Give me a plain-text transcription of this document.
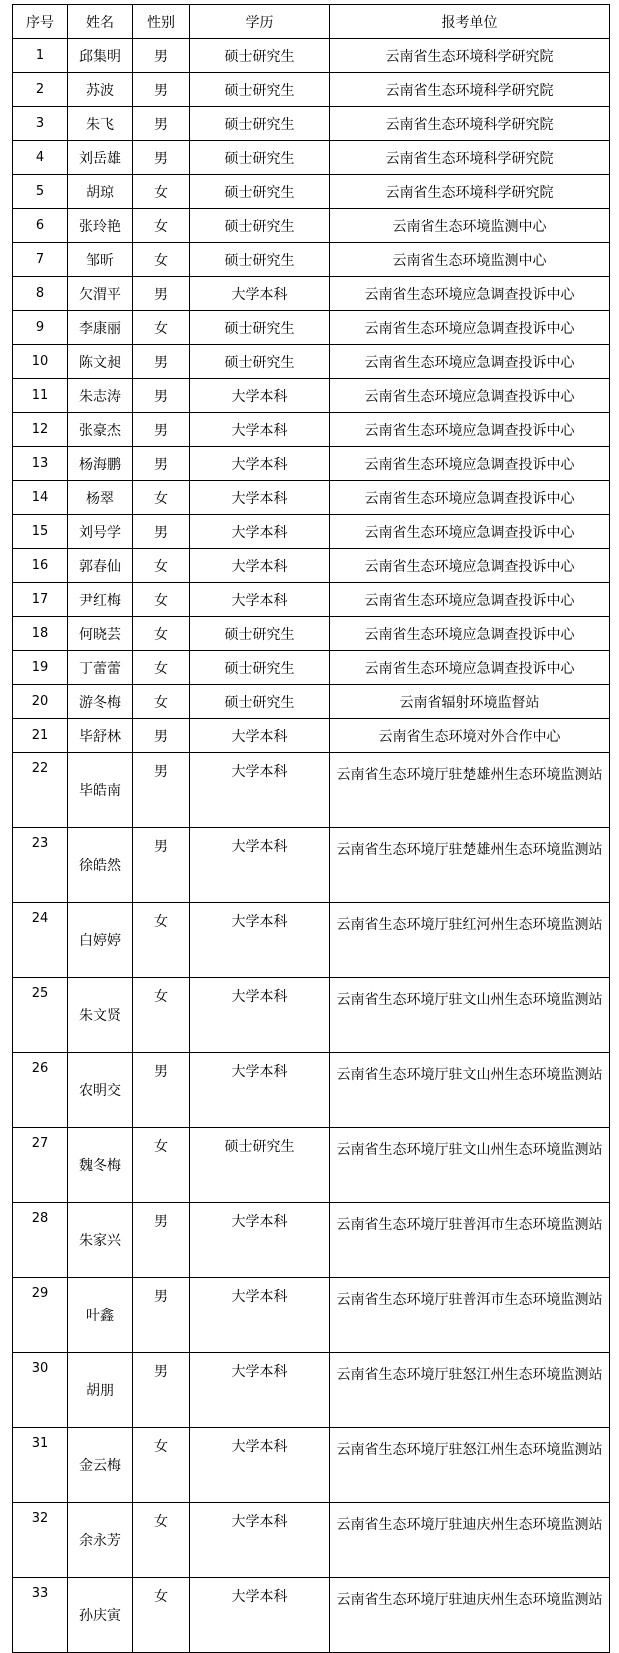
序号	姓名	性别	学历	报考单位
1	邱集明	男	硕士研究生	云南省生态环境科学研究院
2	苏波	男	硕士研究生	云南省生态环境科学研究院
3	朱飞	男	硕士研究生	云南省生态环境科学研究院
4	刘岳雄	男	硕士研究生	云南省生态环境科学研究院
5	胡琼	女	硕士研究生	云南省生态环境科学研究院
6	张玲艳	女	硕士研究生	云南省生态环境监测中心
7	邹昕	女	硕士研究生	云南省生态环境监测中心
8	欠渭平	男	大学本科	云南省生态环境应急调查投诉中心
9	李康丽	女	硕士研究生	云南省生态环境应急调查投诉中心
10	陈文昶	男	硕士研究生	云南省生态环境应急调查投诉中心
11	朱志涛	男	大学本科	云南省生态环境应急调查投诉中心
12	张豪杰	男	大学本科	云南省生态环境应急调查投诉中心
13	杨海鹏	男	大学本科	云南省生态环境应急调查投诉中心
14	杨翠	女	大学本科	云南省生态环境应急调查投诉中心
15	刘号学	男	大学本科	云南省生态环境应急调查投诉中心
16	郭春仙	女	大学本科	云南省生态环境应急调查投诉中心
17	尹红梅	女	大学本科	云南省生态环境应急调查投诉中心
18	何晓芸	女	硕士研究生	云南省生态环境应急调查投诉中心
19	丁蕾蕾	女	硕士研究生	云南省生态环境应急调查投诉中心
20	游冬梅	女	硕士研究生	云南省辐射环境监督站
21	毕舒林	男	大学本科	云南省生态环境对外合作中心
22	毕皓南	男	大学本科	云南省生态环境厅驻楚雄州生态环境监测站

23	徐皓然	男	大学本科	云南省生态环境厅驻楚雄州生态环境监测站

24	白婷婷	女	大学本科	云南省生态环境厅驻红河州生态环境监测站

25	朱文贤	女	大学本科	云南省生态环境厅驻文山州生态环境监测站

26	农明交	男	大学本科	云南省生态环境厅驻文山州生态环境监测站

27	魏冬梅	女	硕士研究生	云南省生态环境厅驻文山州生态环境监测站

28	朱家兴	男	大学本科	云南省生态环境厅驻普洱市生态环境监测站

29	叶鑫	男	大学本科	云南省生态环境厅驻普洱市生态环境监测站

30	胡朋	男	大学本科	云南省生态环境厅驻怒江州生态环境监测站

31	金云梅	女	大学本科	云南省生态环境厅驻怒江州生态环境监测站

32	余永芳	女	大学本科	云南省生态环境厅驻迪庆州生态环境监测站

33	孙庆寅	女	大学本科	云南省生态环境厅驻迪庆州生态环境监测站
